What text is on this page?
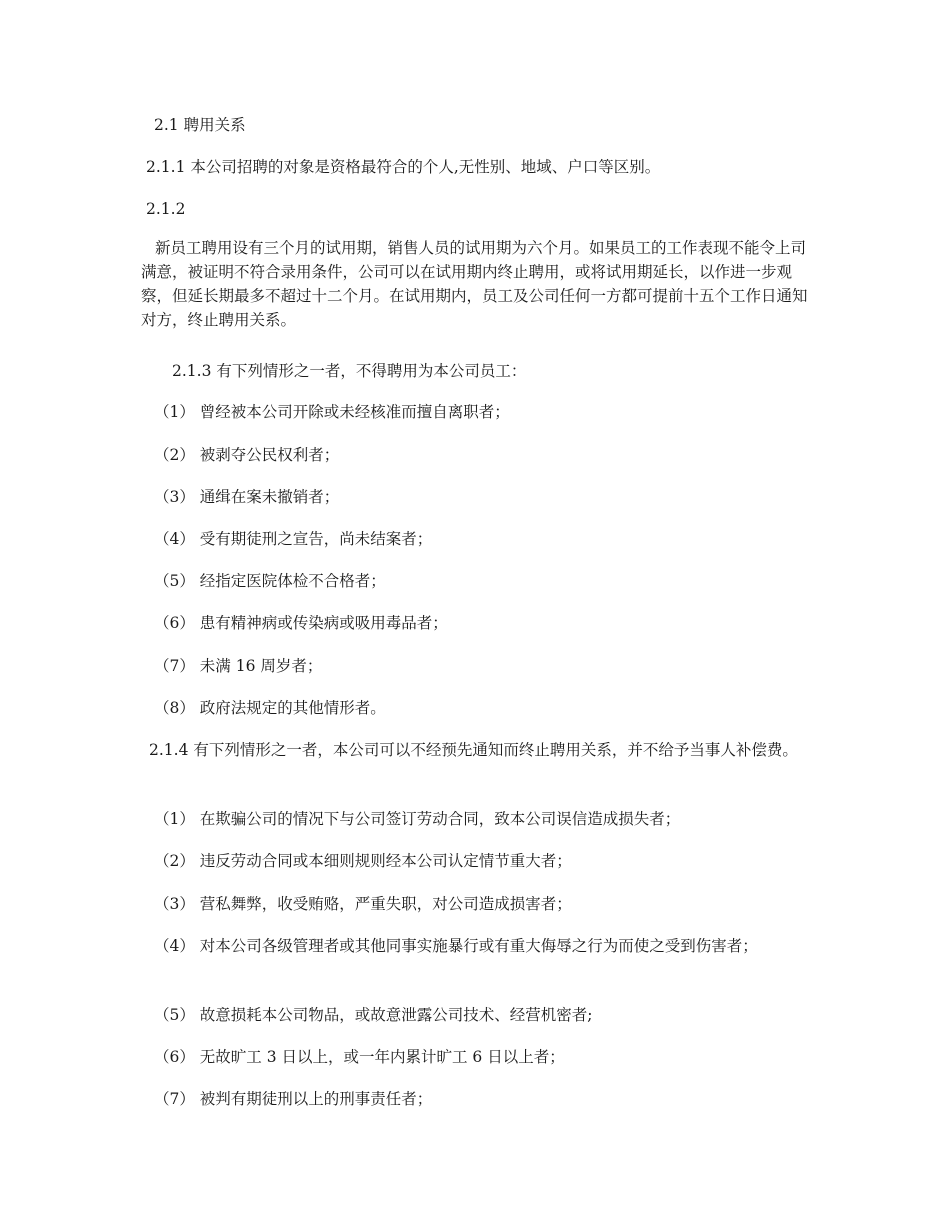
2.1 聘用关系

2.1.1 本公司招聘的对象是资格最符合的个人,无性别、地域、户口等区别。

2.1.2

新员工聘用设有三个月的试用期，销售人员的试用期为六个月。如果员工的工作表现不能令上司满意，被证明不符合录用条件，公司可以在试用期内终止聘用，或将试用期延长，以作进一步观察，但延长期最多不超过十二个月。在试用期内，员工及公司任何一方都可提前十五个工作日通知对方，终止聘用关系。

2.1.3 有下列情形之一者，不得聘用为本公司员工：

（1） 曾经被本公司开除或未经核准而擅自离职者；

（2） 被剥夺公民权利者；

（3） 通缉在案未撤销者；

（4） 受有期徒刑之宣告，尚未结案者；

（5） 经指定医院体检不合格者；

（6） 患有精神病或传染病或吸用毒品者；

（7） 未满 16 周岁者；

（8） 政府法规定的其他情形者。

2.1.4 有下列情形之一者，本公司可以不经预先通知而终止聘用关系，并不给予当事人补偿费。

（1） 在欺骗公司的情况下与公司签订劳动合同，致本公司误信造成损失者；

（2） 违反劳动合同或本细则规则经本公司认定情节重大者；

（3） 营私舞弊，收受贿赂，严重失职，对公司造成损害者；

（4） 对本公司各级管理者或其他同事实施暴行或有重大侮辱之行为而使之受到伤害者；

（5） 故意损耗本公司物品，或故意泄露公司技术、经营机密者;

（6） 无故旷工 3 日以上，或一年内累计旷工 6 日以上者；

（7） 被判有期徒刑以上的刑事责任者；
